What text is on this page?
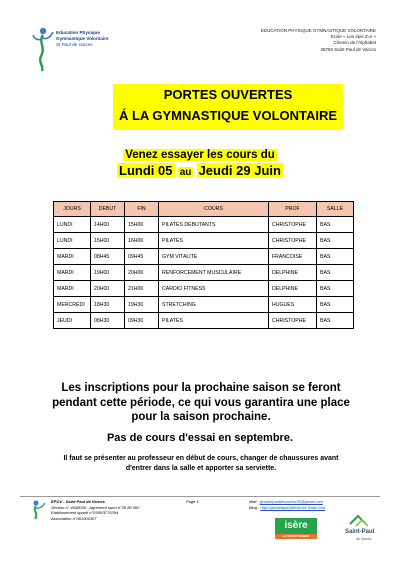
Education Physique
Gymnastique Volontaire
St Paul de Varces
EDUCATION PHYSIQUE GYMNASTIQUE VOLONTAIRE
Ecole « Les épis d'or »
Chemin de l'Alphabet
38760 Saint Paul de Varces
PORTES OUVERTES
Á LA GYMNASTIQUE VOLONTAIRE
Venez essayer les cours du
Lundi 05 au Jeudi 29 Juin
JOURS	DEBUT	FIN	COURS	PROF	SALLE
LUNDI	14H00	15H00	PILATES DEBUTANTS	CHRISTOPHE	BAS
LUNDI	15H00	16H00	PILATES	CHRISTOPHE	BAS
MARDI	08H45	09H45	GYM VITALITE	FRANCOISE	BAS
MARDI	19H00	20H00	RENFORCEMENT MUSCULAIRE	DELPHINE	BAS
MARDI	20H00	21H00	CARDIO FITNESS	DELPHINE	BAS
MERCREDI	18H30	19H30	STRETCHING	HUGUES	BAS
JEUDI	08H30	09H30	PILATES	CHRISTOPHE	BAS
Les inscriptions pour la prochaine saison se feront pendant cette période, ce qui vous garantira une place pour la saison prochaine.
Pas de cours d'essai en septembre.
Il faut se présenter au professeur en début de cours, changer de chaussures avant d'entrer dans la salle et apporter sa serviette.
EPGV - Saint Paul de Varces
Section n° 4638036 - Agrément sport n°38 86 082
Etablissement sportif n°03897ET0394
Association n°381004307
Page 1	Mail : gvsaintpauldevarces38@gmail.com
Blog : http://gvsaintpauldevarces.linda.com
isère
LE DÉPARTEMENT
Saint-Paul
de Varces
